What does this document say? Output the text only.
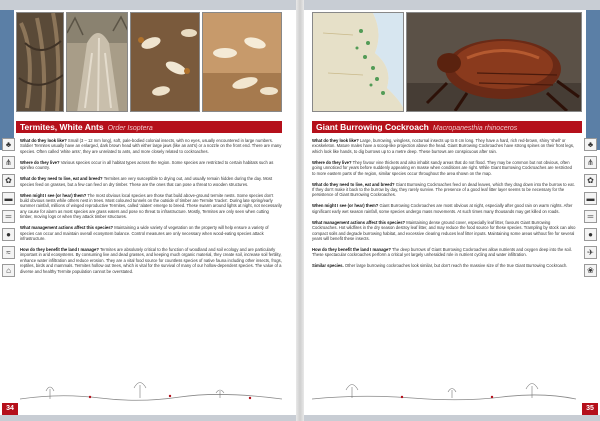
Termites, White Ants Order Isoptera
♣
⋔
✿
▬
═
●
≈
⌂

What do they look like? Small (3 – 12 mm long), soft, pale-bodied colonial insects, with no eyes, usually encountered in large numbers. Soldier Termites usually have an enlarged, dark brown head with either large jaws (like an ant's) or a nozzle on the front end. There are many species. Often called 'white ants', they are unrelated to ants, and more closely related to cockroaches.

Where do they live? Various species occur in all habitat types across the region. Some species are restricted to certain habitats such as spinifex country.

What do they need to live, eat and breed? Termites are very susceptible to drying out, and usually remain hidden during the day. Most species feed on grasses, but a few can feed on dry timber. These are the ones that can pose a threat to wooden structures.

When might I see (or hear) them? The most obvious local species are those that build above-ground termite nests. Some species don't build obvious nests while others nest in trees. Most coloured tunnels on the outside of timber are Termite 'tracks'. During late spring/early summer rainfall, millions of winged reproductive Termites, called 'alates' emerge to breed. These swarm around lights at night, not necessarily any cause for alarm as most species are grass eaters and pose no threat to infrastructure. Mostly, Termites are only seen when cutting timber, moving logs or when they attack timber structures.

What management actions affect this species? Maintaining a wide variety of vegetation on the property will help ensure a variety of species can occur and maintain overall ecosystem balance. Control measures are only necessary when wood-eating species attack infrastructure.

How do they benefit the land I manage? Termites are absolutely critical to the function of woodland and soil ecology and are particularly important in arid ecosystems. By consuming live and dead grasses, and keeping much organic material, they create soil, increase soil fertility, enhance water infiltration and reduce erosion. They are a vital food source for countless species of native fauna including other insects, frogs, reptiles, birds and mammals. Termites hollow out trees, which is vital for the survival of many of our hollow-dependent species. The value of a diverse and healthy Termite population cannot be overstated.

34
Giant Burrowing Cockroach Macropanesthia rhinoceros

What do they look like? Large, burrowing, wingless, nocturnal insects up to 8 cm long. They have a hard, rich red-brown, shiny 'shell' or exoskeleton. Mature males have a scoop-like projection above the head. Giant Burrowing Cockroaches have strong spines on their front legs, which look like hands, to dig burrows up to a metre deep. These burrows are conspicuous after rain.

Where do they live? They favour vine thickets and also inhabit sandy areas that do not flood. They may be common but not obvious, often going unnoticed for years before suddenly appearing en masse when conditions are right. While Giant Burrowing Cockroaches are restricted to more eastern parts of the region, similar species occur throughout the area shown on the map.

What do they need to live, eat and breed? Giant Burrowing Cockroaches feed on dead leaves, which they drag down into the burrow to eat. If they don't make it back to the burrow by day, they rarely survive. The presence of a good leaf litter layer seems to be necessary for the persistence of Giant Burrowing Cockroaches.

When might I see (or hear) them? Giant Burrowing Cockroaches are most obvious at night, especially after good rain on warm nights. After significant early wet season rainfall, some species undergo mass movements. At such times many thousands may get killed on roads.

What management actions affect this species? Maintaining dense ground cover, especially leaf litter, favours Giant Burrowing Cockroaches. Hot wildfires in the dry season destroy leaf litter, and may reduce the food source for these species. Trampling by stock can also compact soils and degrade burrowing habitat, and excessive clearing reduces leaf litter inputs. Maintaining some areas without fire for several years will benefit these insects.

How do they benefit the land I manage? The deep burrows of Giant Burrowing Cockroaches allow nutrients and oxygen deep into the soil. These spectacular cockroaches perform a critical yet largely unheralded role in nutrient cycling and water infiltration.

Similar species. Other large burrowing cockroaches look similar, but don't reach the massive size of the true Giant Burrowing Cockroach.

♣
⋔
✿
▬
═
●
✈
❀
35
